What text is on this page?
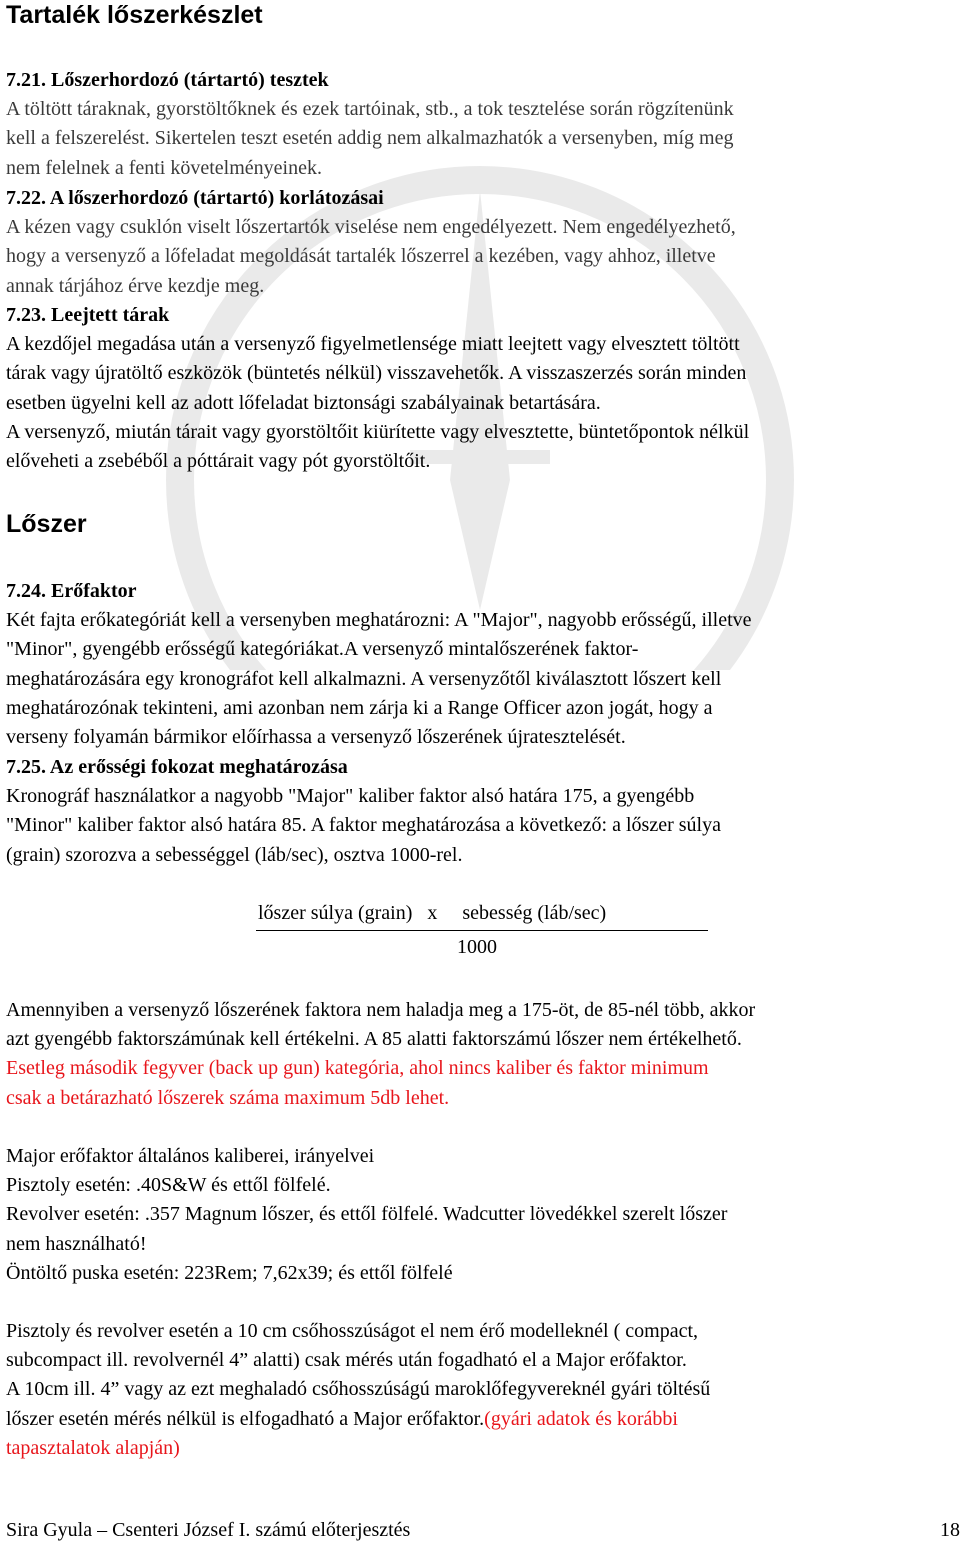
Tartalék lőszerkészlet

7.21. Lőszerhordozó (tártartó) tesztek

A töltött táraknak, gyorstöltőknek és ezek tartóinak, stb., a tok tesztelése során rögzítenünk

kell a felszerelést. Sikertelen teszt esetén addig nem alkalmazhatók a versenyben, míg meg

nem felelnek a fenti követelményeinek.

7.22. A lőszerhordozó (tártartó) korlátozásai

A kézen vagy csuklón viselt lőszertartók viselése nem engedélyezett. Nem engedélyezhető,

hogy a versenyző a lőfeladat megoldását tartalék lőszerrel a kezében, vagy ahhoz, illetve

annak tárjához érve kezdje meg.

7.23. Leejtett tárak

A kezdőjel megadása után a versenyző figyelmetlensége miatt leejtett vagy elvesztett töltött

tárak vagy újratöltő eszközök (büntetés nélkül) visszavehetők. A visszaszerzés során minden

esetben ügyelni kell az adott lőfeladat biztonsági szabályainak betartására.

A versenyző, miután tárait vagy gyorstöltőit kiürítette vagy elvesztette, büntetőpontok nélkül

előveheti a zsebéből a póttárait vagy pót gyorstöltőit.

Lőszer

7.24. Erőfaktor

Két fajta erőkategóriát kell a versenyben meghatározni: A "Major", nagyobb erősségű, illetve

"Minor", gyengébb erősségű kategóriákat.A versenyző mintalőszerének faktor-

meghatározására egy kronográfot kell alkalmazni. A versenyzőtől kiválasztott lőszert kell

meghatározónak tekinteni, ami azonban nem zárja ki a Range Officer azon jogát, hogy a

verseny folyamán bármikor előírhassa a versenyző lőszerének újratesztelését.

7.25. Az erősségi fokozat meghatározása

Kronográf használatkor a nagyobb "Major" kaliber faktor alsó határa 175, a gyengébb

"Minor" kaliber faktor alsó határa 85. A faktor meghatározása a következő: a lőszer súlya

(grain) szorozva a sebességgel (láb/sec), osztva 1000-rel.

lőszer súlya (grain)   x     sebesség (láb/sec)
1000

Amennyiben a versenyző lőszerének faktora nem haladja meg a 175-öt, de 85-nél több, akkor

azt gyengébb faktorszámúnak kell értékelni. A 85 alatti faktorszámú lőszer nem értékelhető.

Esetleg második fegyver (back up gun) kategória, ahol nincs kaliber és faktor minimum

csak a betárazható lőszerek száma maximum 5db lehet.

Major erőfaktor általános kaliberei, irányelvei

Pisztoly esetén: .40S&W és ettől fölfelé.

Revolver esetén: .357 Magnum lőszer, és ettől fölfelé. Wadcutter lövedékkel szerelt lőszer

nem használható!

Öntöltő puska esetén: 223Rem; 7,62x39; és ettől fölfelé

Pisztoly és revolver esetén a 10 cm csőhosszúságot el nem érő modelleknél ( compact,

subcompact ill. revolvernél 4” alatti) csak mérés után fogadható el a Major erőfaktor.

A 10cm ill. 4” vagy az ezt meghaladó csőhosszúságú maroklőfegyvereknél gyári töltésű

lőszer esetén mérés nélkül is elfogadható a Major erőfaktor.(gyári adatok és korábbi

tapasztalatok alapján)

Sira Gyula – Csenteri József I. számú előterjesztés	18
